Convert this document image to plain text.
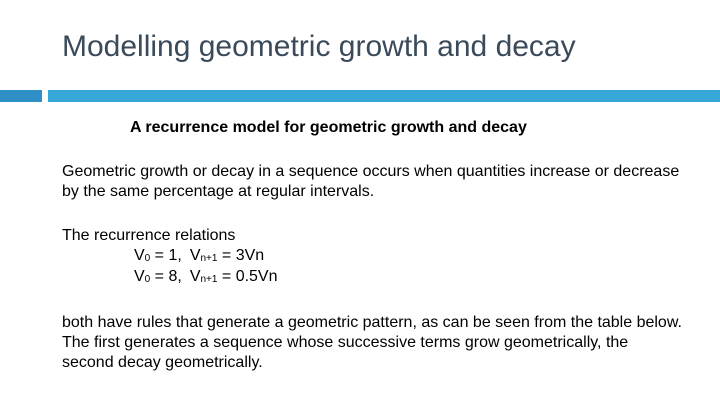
Modelling geometric growth and decay
A recurrence model for geometric growth and decay
Geometric growth or decay in a sequence occurs when quantities increase or decrease by the same percentage at regular intervals.
The recurrence relations
V0 = 1, Vn+1 = 3Vn
V0 = 8, Vn+1 = 0.5Vn
both have rules that generate a geometric pattern, as can be seen from the table below. The first generates a sequence whose successive terms grow geometrically, the second decay geometrically.
